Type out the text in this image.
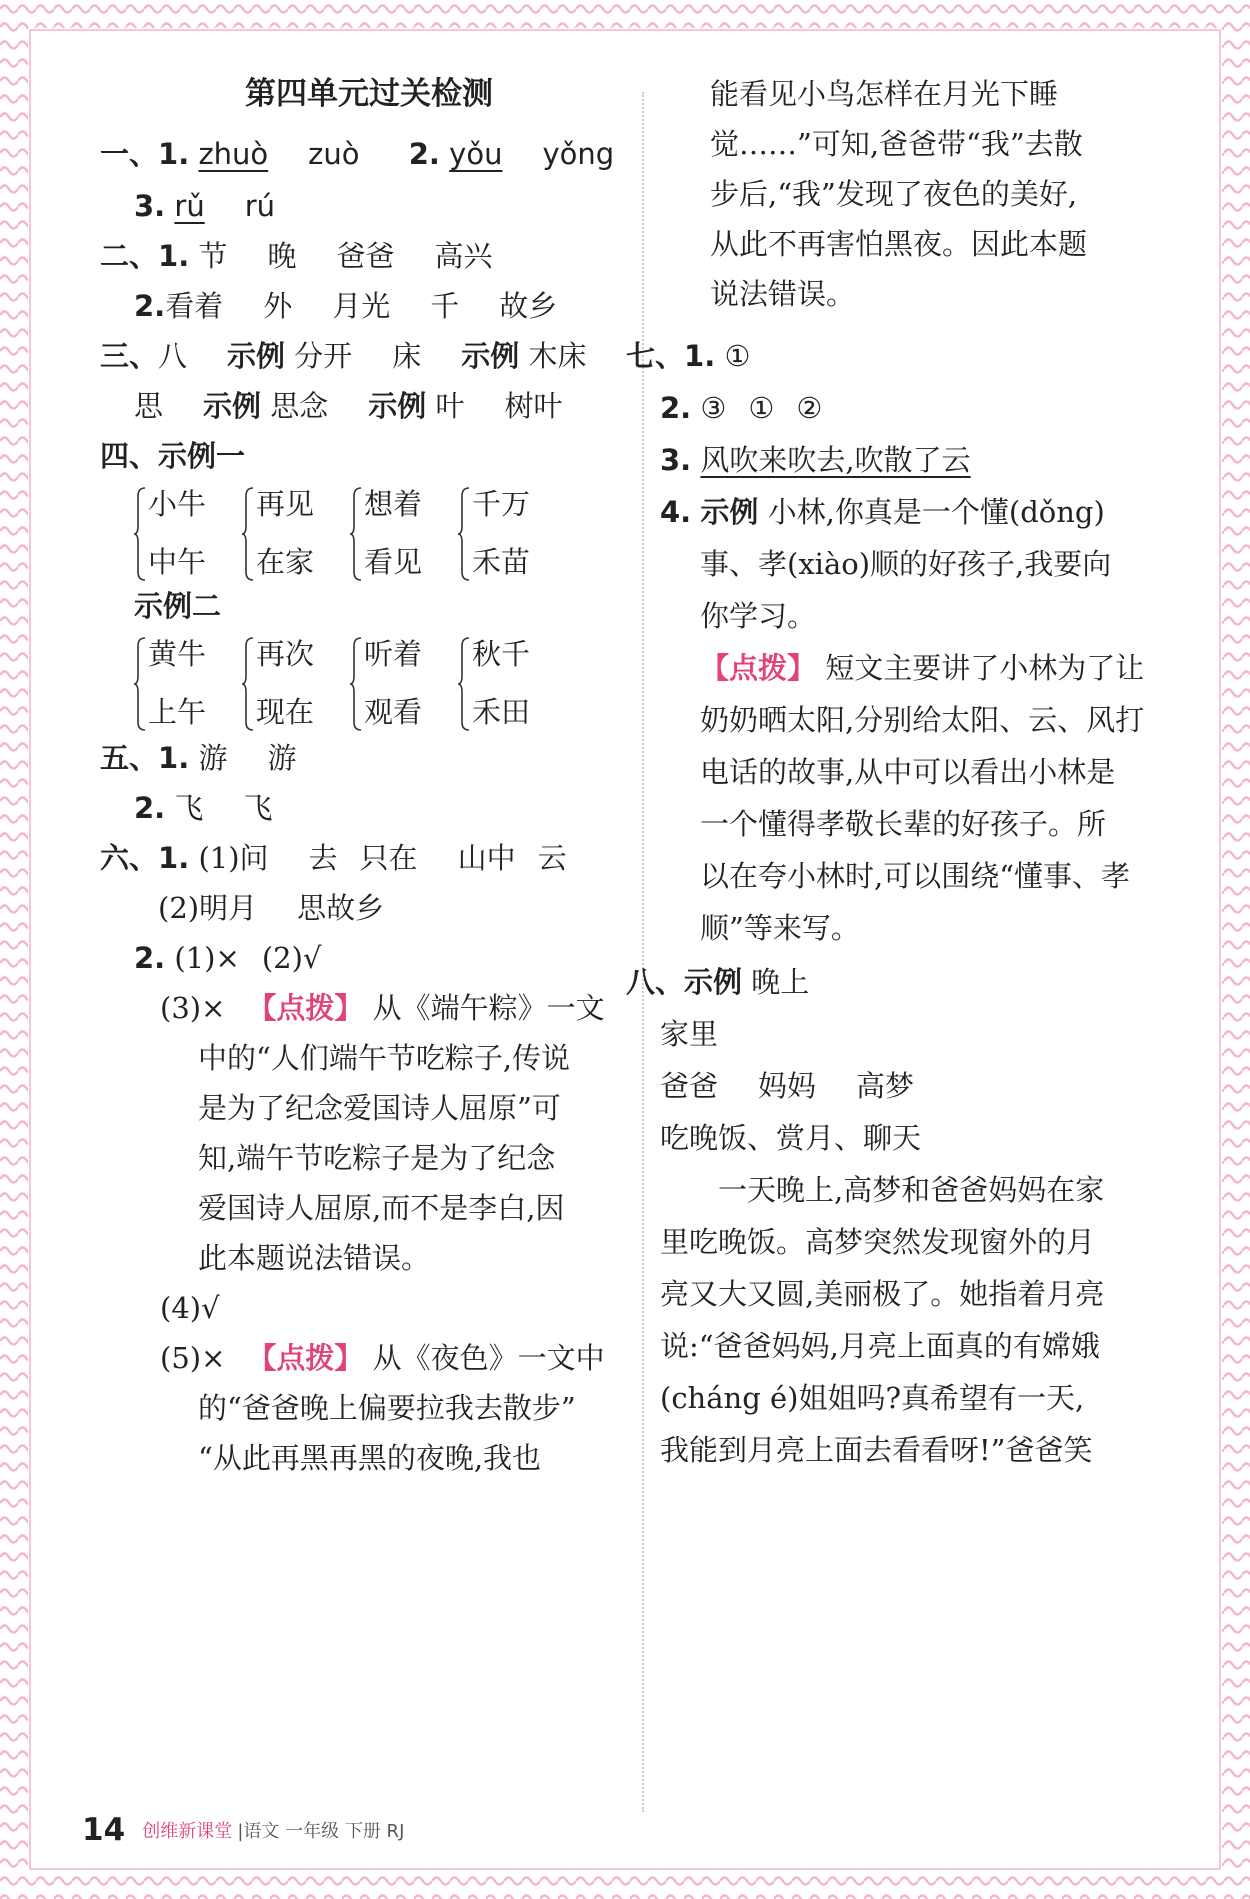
第四单元过关检测
一、1. zhuò zuò 2. yǒu yǒng
3. rǔ rú
二、1. 节 晚 爸爸 高兴
2.看着 外 月光 千 故乡
三、八 示例 分开 床 示例 木床
思 示例 思念 示例 叶 树叶
四、示例一
小牛
中午
再见
在家
想着
看见
千万
禾苗
示例二
黄牛
上午
再次
现在
听着
观看
秋千
禾田
五、1. 游 游
2. 飞 飞
六、1. (1)问 去 只在 山中 云
(2)明月 思故乡
2. (1)× (2)√
(3)× 【点拨】 从《端午粽》一文
中的“人们端午节吃粽子,传说
是为了纪念爱国诗人屈原”可
知,端午节吃粽子是为了纪念
爱国诗人屈原,而不是李白,因
此本题说法错误。
(4)√
(5)× 【点拨】 从《夜色》一文中
的“爸爸晚上偏要拉我去散步”
“从此再黑再黑的夜晚,我也
能看见小鸟怎样在月光下睡
觉……”可知,爸爸带“我”去散
步后,“我”发现了夜色的美好,
从此不再害怕黑夜。因此本题
说法错误。
七、1. ①
2. ③ ① ②
3. 风吹来吹去,吹散了云
4. 示例 小林,你真是一个懂(dǒng)
事、孝(xiào)顺的好孩子,我要向
你学习。
【点拨】 短文主要讲了小林为了让
奶奶晒太阳,分别给太阳、云、风打
电话的故事,从中可以看出小林是
一个懂得孝敬长辈的好孩子。所
以在夸小林时,可以围绕“懂事、孝
顺”等来写。
八、示例 晚上
家里
爸爸 妈妈 高梦
吃晚饭、赏月、聊天
一天晚上,高梦和爸爸妈妈在家
里吃晚饭。高梦突然发现窗外的月
亮又大又圆,美丽极了。她指着月亮
说:“爸爸妈妈,月亮上面真的有嫦娥
(cháng é)姐姐吗?真希望有一天,
我能到月亮上面去看看呀!”爸爸笑
14 创维新课堂 |语文 一年级 下册 RJ
